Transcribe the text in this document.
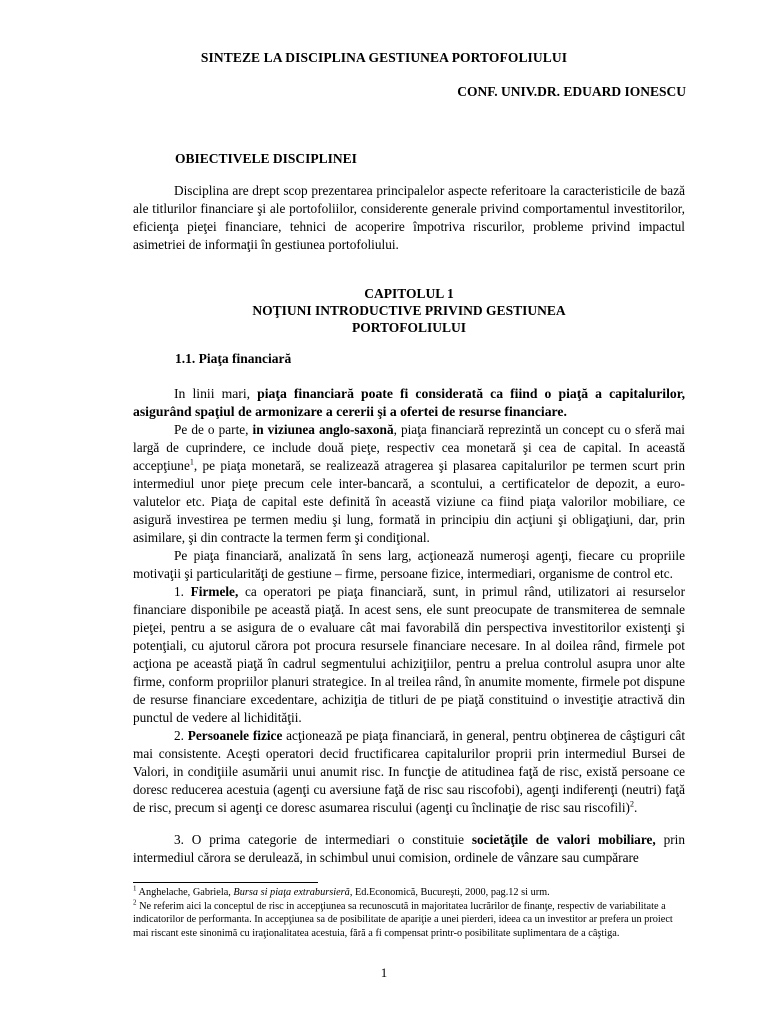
SINTEZE LA DISCIPLINA GESTIUNEA PORTOFOLIULUI
CONF. UNIV.DR. EDUARD IONESCU
OBIECTIVELE DISCIPLINEI

Disciplina are drept scop prezentarea principalelor aspecte referitoare la caracteristicile de bază ale titlurilor financiare şi ale portofoliilor, considerente generale privind comportamentul investitorilor, eficienţa pieţei financiare, tehnici de acoperire împotriva riscurilor, probleme privind impactul asimetriei de informaţii în gestiunea portofoliului.

CAPITOLUL 1
NOŢIUNI INTRODUCTIVE PRIVIND GESTIUNEA
PORTOFOLIULUI
1.1. Piaţa financiară

In linii mari, piaţa financiară poate fi considerată ca fiind o piaţă a capitalurilor, asigurând spaţiul de armonizare a cererii şi a ofertei de resurse financiare.

Pe de o parte, in viziunea anglo-saxonă, piaţa financiară reprezintă un concept cu o sferă mai largă de cuprindere, ce include două pieţe, respectiv cea monetară şi cea de capital. In această accepţiune$^1$, pe piaţa monetară, se realizează atragerea şi plasarea capitalurilor pe termen scurt prin intermediul unor pieţe precum cele inter-bancară, a scontului, a certificatelor de depozit, a euro-valutelor etc. Piaţa de capital este definită în această viziune ca fiind piaţa valorilor mobiliare, ce asigură investirea pe termen mediu şi lung, formată in principiu din acţiuni şi obligaţiuni, dar, prin asimilare, şi din contracte la termen ferm şi condiţional.

Pe piaţa financiară, analizată în sens larg, acţionează numeroşi agenţi, fiecare cu propriile motivaţii şi particularităţi de gestiune – firme, persoane fizice, intermediari, organisme de control etc.

1. Firmele, ca operatori pe piaţa financiară, sunt, in primul rând, utilizatori ai resurselor financiare disponibile pe această piaţă. In acest sens, ele sunt preocupate de transmiterea de semnale pieţei, pentru a se asigura de o evaluare cât mai favorabilă din perspectiva investitorilor existenţi şi potenţiali, cu ajutorul cărora pot procura resursele financiare necesare. In al doilea rând, firmele pot acţiona pe această piaţă în cadrul segmentului achiziţiilor, pentru a prelua controlul asupra unor alte firme, conform propriilor planuri strategice. In al treilea rând, în anumite momente, firmele pot dispune de resurse financiare excedentare, achiziţia de titluri de pe piaţă constituind o investiţie atractivă din punctul de vedere al lichidităţii.

2. Persoanele fizice acţionează pe piaţa financiară, in general, pentru obţinerea de câştiguri cât mai consistente. Aceşti operatori decid fructificarea capitalurilor proprii prin intermediul Bursei de Valori, in condiţiile asumării unui anumit risc. In funcţie de atitudinea faţă de risc, există persoane ce doresc reducerea acestuia (agenţi cu aversiune faţă de risc sau riscofobi), agenţi indiferenţi (neutri) faţă de risc, precum si agenţi ce doresc asumarea riscului (agenţi cu înclinaţie de risc sau riscofili)$^2$.

3. O prima categorie de intermediari o constituie societăţile de valori mobiliare, prin intermediul cărora se derulează, in schimbul unui comision, ordinele de vânzare sau cumpărare

$^1$ Anghelache, Gabriela, Bursa si piaţa extrabursieră, Ed.Economică, Bucureşti, 2000, pag.12 si urm.
$^2$ Ne referim aici la conceptul de risc in accepţiunea sa recunoscută in majoritatea lucrărilor de finanţe, respectiv de variabilitate a indicatorilor de performanta. In accepţiunea sa de posibilitate de apariţie a unei pierderi, ideea ca un investitor ar prefera un proiect mai riscant este sinonimă cu iraţionalitatea acestuia, fără a fi compensat printr-o posibilitate suplimentara de a câştiga.
1
